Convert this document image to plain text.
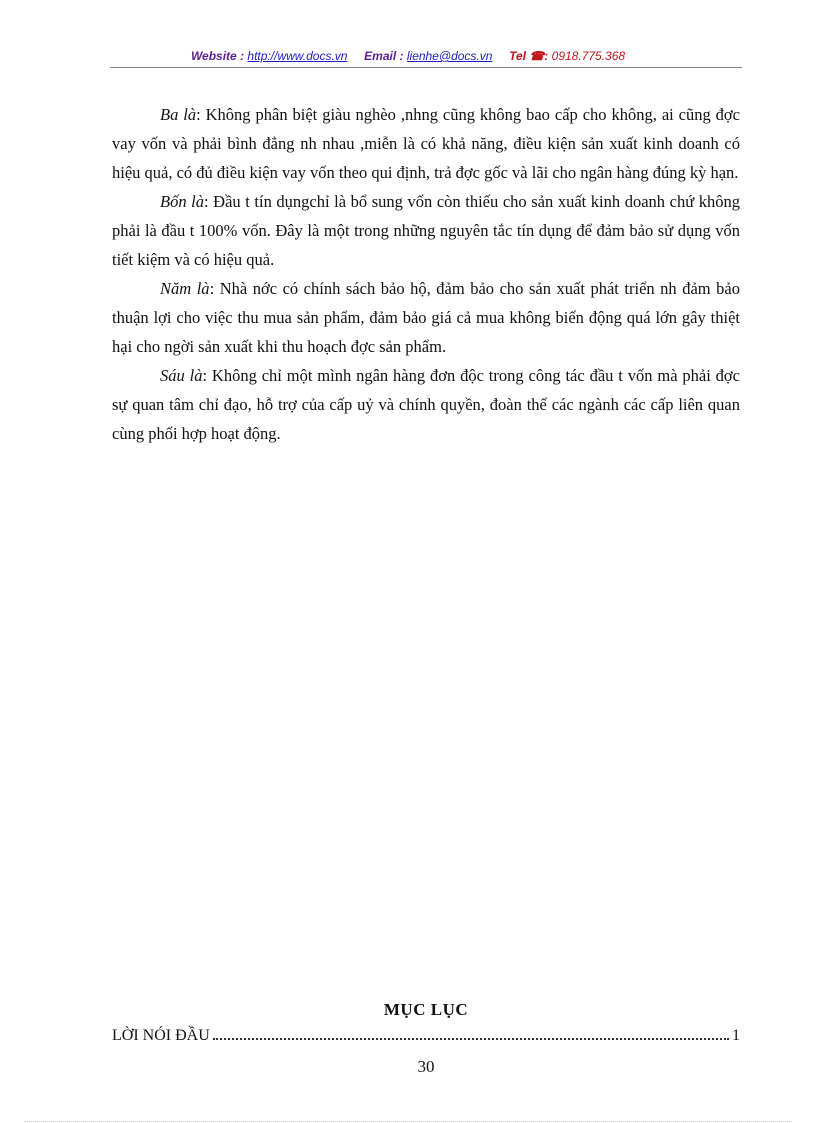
Website : http://www.docs.vn Email : lienhe@docs.vn Tel ☎: 0918.775.368

Ba là: Không phân biệt giàu nghèo ,nhng cũng không bao cấp cho không, ai cũng đợc vay vốn và phải bình đẳng nh nhau ,miễn là có khả năng, điều kiện sản xuất kinh doanh có hiệu quả, có đủ điều kiện vay vốn theo qui định, trả đợc gốc và lãi cho ngân hàng đúng kỳ hạn.

Bốn là: Đầu t tín dụngchỉ là bổ sung vốn còn thiếu cho sản xuất kinh doanh chứ không phải là đầu t 100% vốn. Đây là một trong những nguyên tắc tín dụng để đảm bảo sử dụng vốn tiết kiệm và có hiệu quả.

Năm là: Nhà nớc có chính sách bảo hộ, đảm bảo cho sản xuất phát triển nh đảm bảo thuận lợi cho việc thu mua sản phẩm, đảm bảo giá cả mua không biến động quá lớn gây thiệt hại cho ngời sản xuất khi thu hoạch đợc sản phẩm.

Sáu là: Không chỉ một mình ngân hàng đơn độc trong công tác đầu t vốn mà phải đợc sự quan tâm chỉ đạo, hỗ trợ của cấp uỷ và chính quyền, đoàn thể các ngành các cấp liên quan cùng phối hợp hoạt động.

MỤC LỤC
LỜI NÓI ĐẦU	1
30
